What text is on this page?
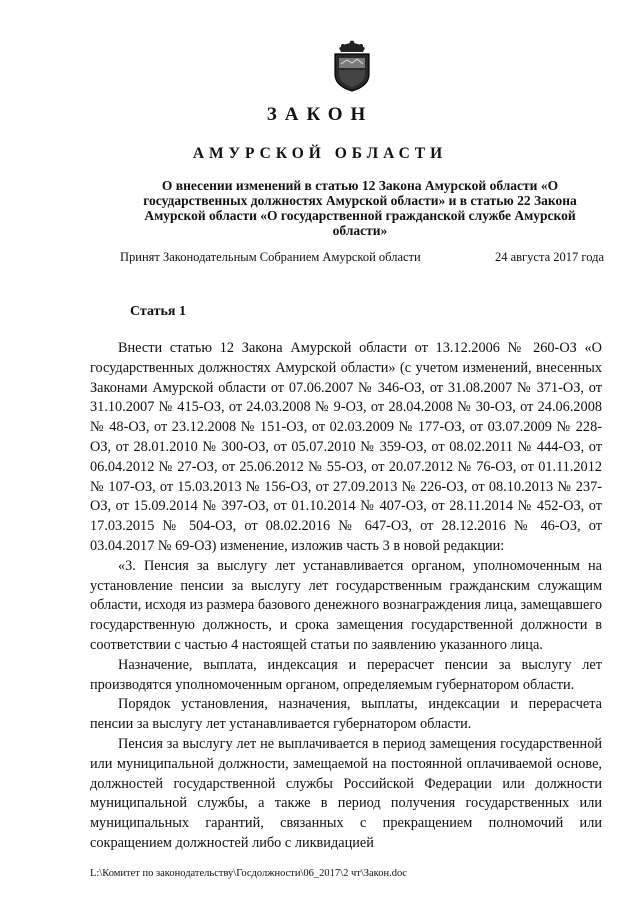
ЗАКОН
АМУРСКОЙ ОБЛАСТИ
О внесении изменений в статью 12 Закона Амурской области «О государственных должностях Амурской области» и в статью 22 Закона Амурской области «О государственной гражданской службе Амурской области»
Принят Законодательным Собранием Амурской области	24 августа 2017 года
Статья 1

Внести статью 12 Закона Амурской области от 13.12.2006 № 260-ОЗ «О государственных должностях Амурской области» (с учетом изменений, внесенных Законами Амурской области от 07.06.2007 № 346-ОЗ, от 31.08.2007 № 371-ОЗ, от 31.10.2007 № 415-ОЗ, от 24.03.2008 № 9-ОЗ, от 28.04.2008 № 30-ОЗ, от 24.06.2008 № 48-ОЗ, от 23.12.2008 № 151-ОЗ, от 02.03.2009 № 177-ОЗ, от 03.07.2009 № 228-ОЗ, от 28.01.2010 № 300-ОЗ, от 05.07.2010 № 359-ОЗ, от 08.02.2011 № 444-ОЗ, от 06.04.2012 № 27-ОЗ, от 25.06.2012 № 55-ОЗ, от 20.07.2012 № 76-ОЗ, от 01.11.2012 № 107-ОЗ, от 15.03.2013 № 156-ОЗ, от 27.09.2013 № 226-ОЗ, от 08.10.2013 № 237-ОЗ, от 15.09.2014 № 397-ОЗ, от 01.10.2014 № 407-ОЗ, от 28.11.2014 № 452-ОЗ, от 17.03.2015 № 504-ОЗ, от 08.02.2016 № 647-ОЗ, от 28.12.2016 № 46-ОЗ, от 03.04.2017 № 69-ОЗ) изменение, изложив часть 3 в новой редакции:

«3. Пенсия за выслугу лет устанавливается органом, уполномоченным на установление пенсии за выслугу лет государственным гражданским служащим области, исходя из размера базового денежного вознаграждения лица, замещавшего государственную должность, и срока замещения государственной должности в соответствии с частью 4 настоящей статьи по заявлению указанного лица.

Назначение, выплата, индексация и перерасчет пенсии за выслугу лет производятся уполномоченным органом, определяемым губернатором области.

Порядок установления, назначения, выплаты, индексации и перерасчета пенсии за выслугу лет устанавливается губернатором области.

Пенсия за выслугу лет не выплачивается в период замещения государственной или муниципальной должности, замещаемой на постоянной оплачиваемой основе, должностей государственной службы Российской Федерации или должности муниципальной службы, а также в период получения государственных или муниципальных гарантий, связанных с прекращением полномочий или сокращением должностей либо с ликвидацией

L:\Комитет по законодательству\Госдолжности\06_2017\2 чт\Закон.doc
